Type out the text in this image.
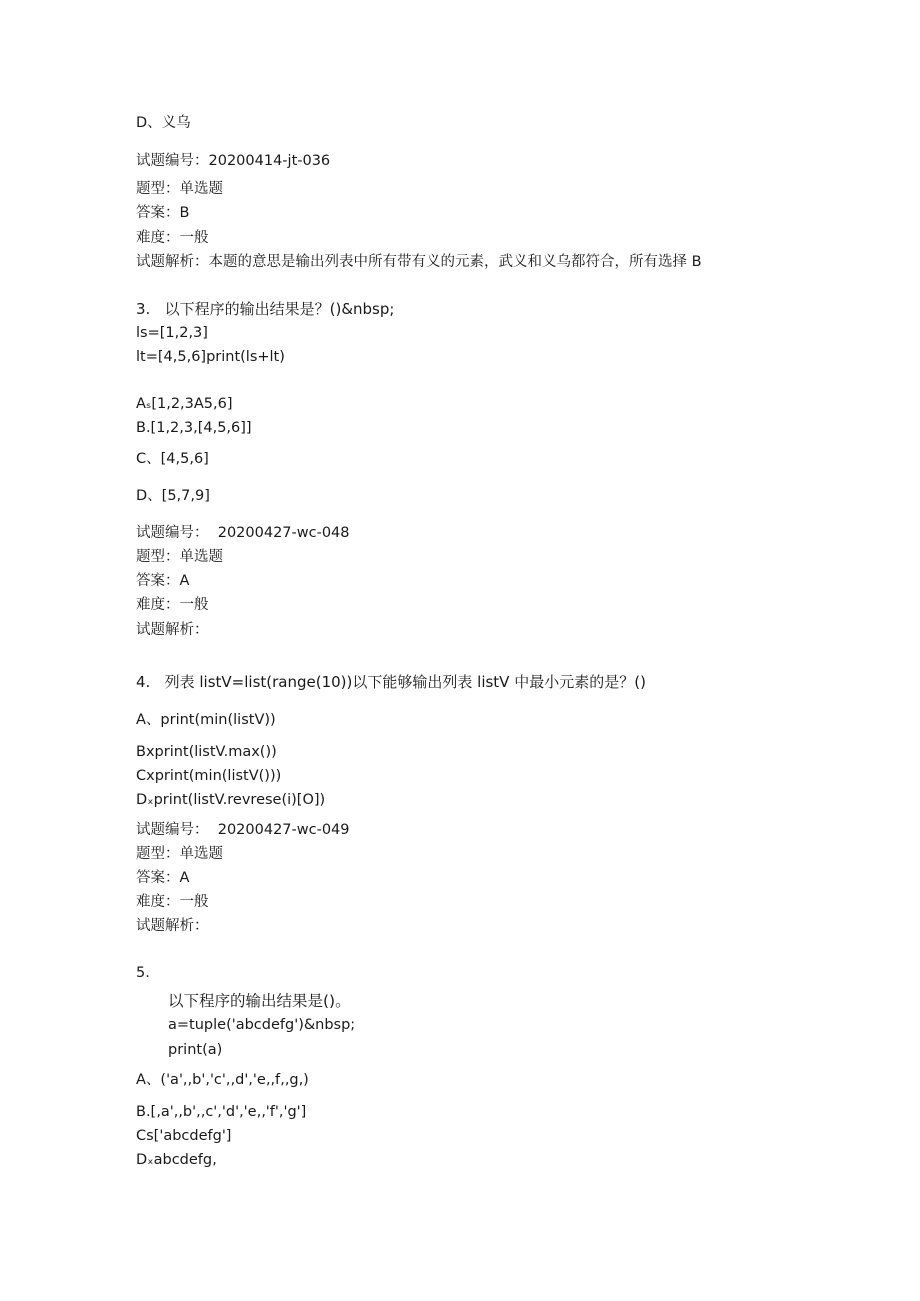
D、义乌
试题编号：20200414-jt-036
题型：单选题
答案：B
难度：一般
试题解析：本题的意思是输出列表中所有带有义的元素，武义和义乌都符合，所有选择 B
3.   以下程序的输出结果是？()&nbsp;
ls=[1,2,3]
lt=[4,5,6]print(ls+lt)
Aₛ[1,2,3A5,6]
B.[1,2,3,[4,5,6]]
C、[4,5,6]
D、[5,7,9]
试题编号：  20200427-wc-048
题型：单选题
答案：A
难度：一般
试题解析：
4.   列表 listV=list(range(10))以下能够输出列表 listV 中最小元素的是？()
A、print(min(listV))
Bxprint(listV.max())
Cxprint(min(listV()))
Dₓprint(listV.revrese(i)[O])
试题编号：  20200427-wc-049
题型：单选题
答案：A
难度：一般
试题解析：
5.
以下程序的输出结果是()。
a=tuple('abcdefg')&nbsp;
print(a)
A、('a',‚b','c',‚d','e‚‚f‚‚g‚)
B.[‚a',‚b',‚c','d','e‚‚'f','g']
Cs['abcdefg']
Dₓabcdefg‚
